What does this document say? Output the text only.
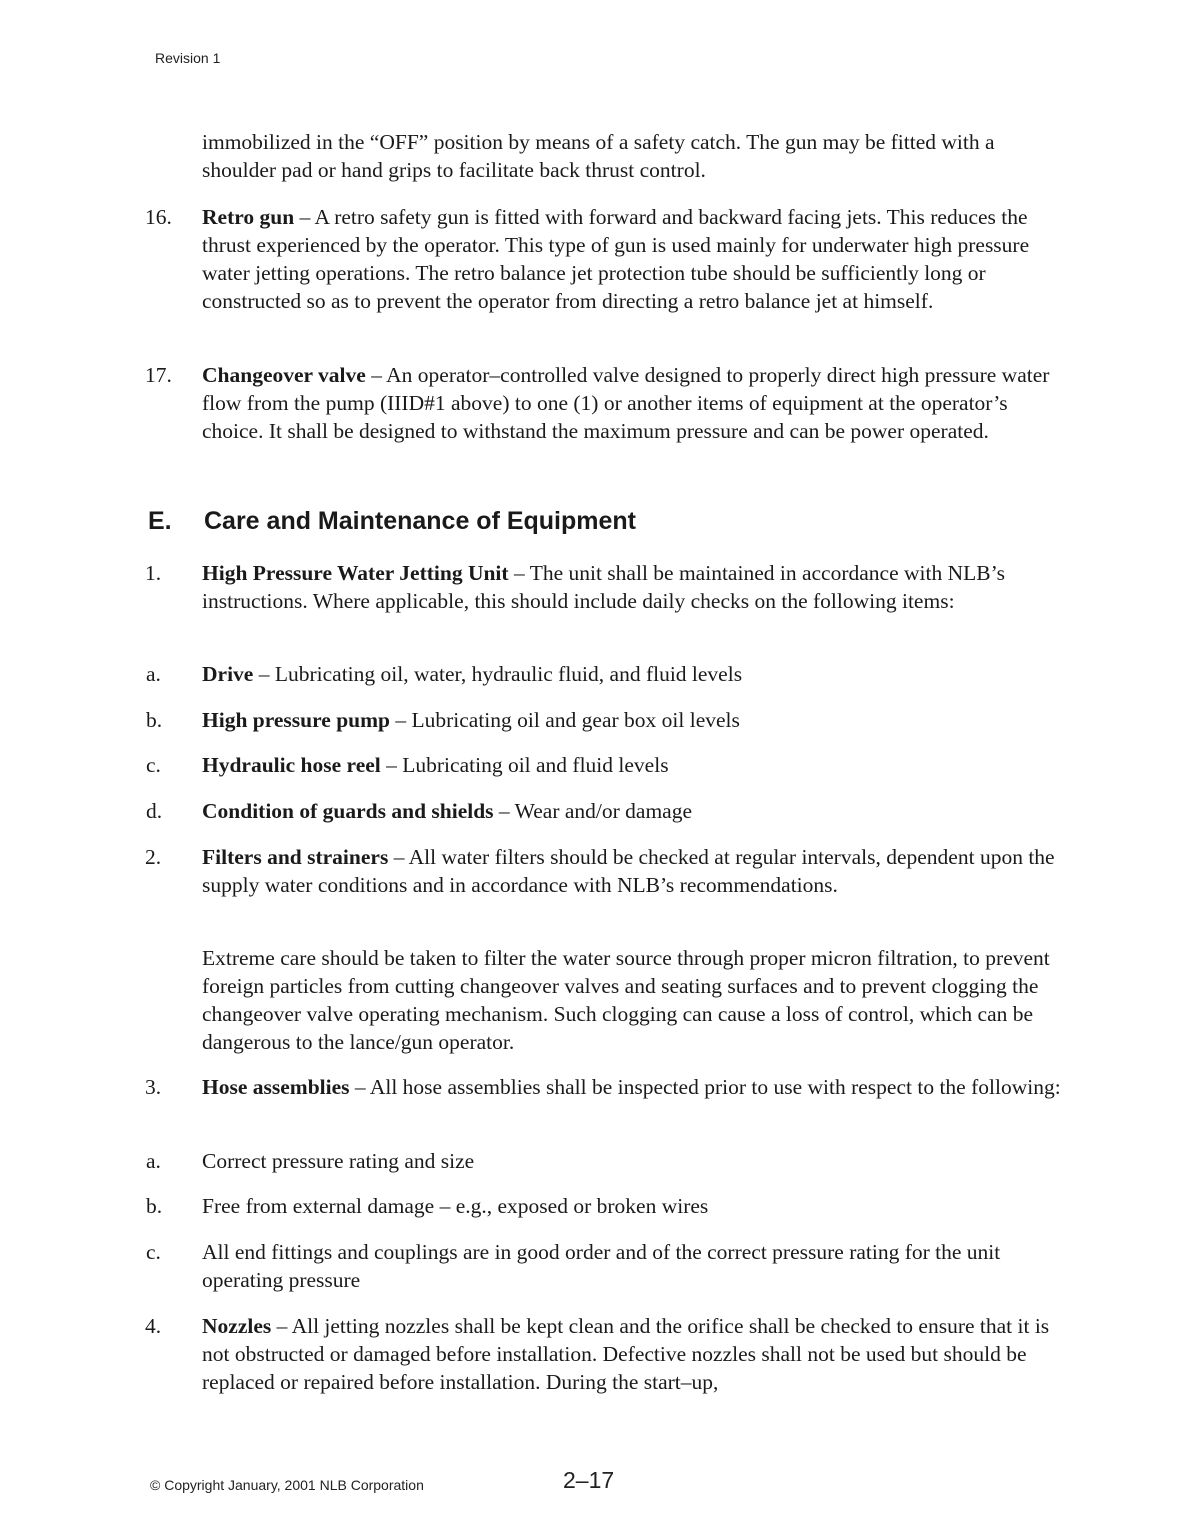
Revision 1

immobilized in the “OFF” position by means of a safety catch. The gun may be fitted with a shoulder pad or hand grips to facilitate back thrust control.

16. Retro gun – A retro safety gun is fitted with forward and backward facing jets. This reduces the thrust experienced by the operator. This type of gun is used mainly for underwater high pressure water jetting operations. The retro balance jet protection tube should be sufficiently long or constructed so as to prevent the operator from directing a retro balance jet at himself.
17. Changeover valve – An operator–controlled valve designed to properly direct high pressure water flow from the pump (IIID#1 above) to one (1) or another items of equipment at the operator’s choice. It shall be designed to withstand the maximum pressure and can be power operated.
E. Care and Maintenance of Equipment
1. High Pressure Water Jetting Unit – The unit shall be maintained in accordance with NLB’s instructions. Where applicable, this should include daily checks on the following items:
a. Drive – Lubricating oil, water, hydraulic fluid, and fluid levels
b. High pressure pump – Lubricating oil and gear box oil levels
c. Hydraulic hose reel – Lubricating oil and fluid levels
d. Condition of guards and shields – Wear and/or damage
2. Filters and strainers – All water filters should be checked at regular intervals, dependent upon the supply water conditions and in accordance with NLB’s recommendations.

Extreme care should be taken to filter the water source through proper micron filtration, to prevent foreign particles from cutting changeover valves and seating surfaces and to prevent clogging the changeover valve operating mechanism. Such clogging can cause a loss of control, which can be dangerous to the lance/gun operator.

3. Hose assemblies – All hose assemblies shall be inspected prior to use with respect to the following:
a. Correct pressure rating and size
b. Free from external damage – e.g., exposed or broken wires
c. All end fittings and couplings are in good order and of the correct pressure rating for the unit operating pressure
4. Nozzles – All jetting nozzles shall be kept clean and the orifice shall be checked to ensure that it is not obstructed or damaged before installation. Defective nozzles shall not be used but should be replaced or repaired before installation. During the start–up,
© Copyright January, 2001 NLB Corporation	2–17
